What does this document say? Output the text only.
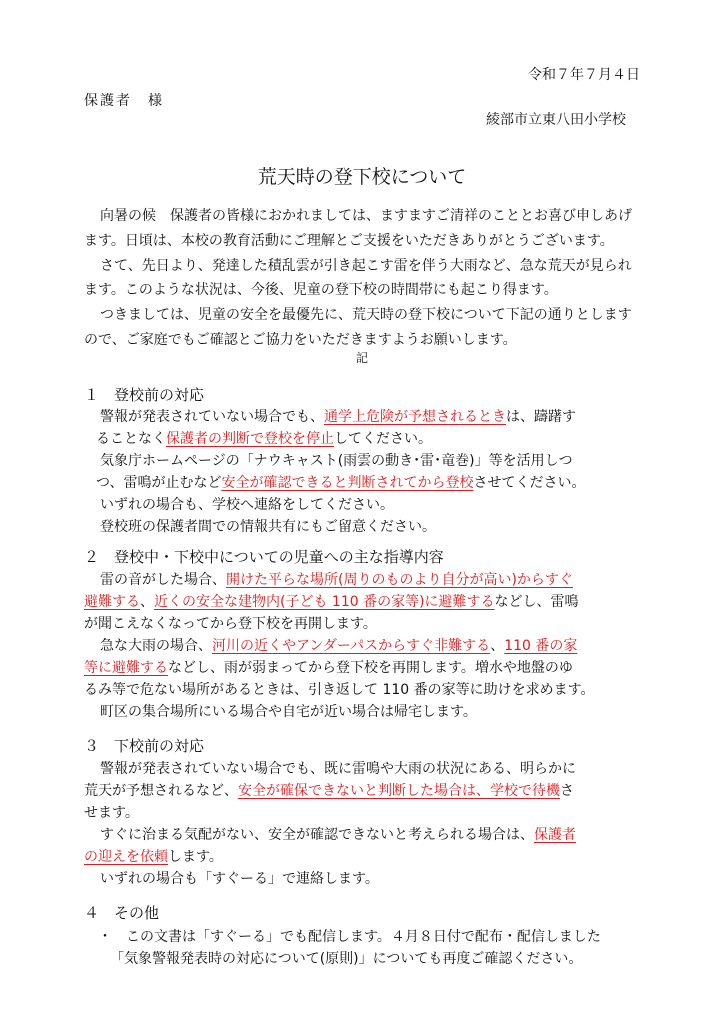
令和７年７月４日
保護者　様
綾部市立東八田小学校
荒天時の登下校について
向暑の候　保護者の皆様におかれましては、ますますご清祥のこととお喜び申しあげ
ます。日頃は、本校の教育活動にご理解とご支援をいただきありがとうございます。
さて、先日より、発達した積乱雲が引き起こす雷を伴う大雨など、急な荒天が見られ
ます。このような状況は、今後、児童の登下校の時間帯にも起こり得ます。
つきましては、児童の安全を最優先に、荒天時の登下校について下記の通りとします
ので、ご家庭でもご確認とご協力をいただきますようお願いします。
記
１ 登校前の対応
警報が発表されていない場合でも、通学上危険が予想されるときは、躊躇す
ることなく保護者の判断で登校を停止してください。
気象庁ホームページの「ナウキャスト(雨雲の動き･雷･竜巻)」等を活用しつ
つ、雷鳴が止むなど安全が確認できると判断されてから登校させてください。
いずれの場合も、学校へ連絡をしてください。
登校班の保護者間での情報共有にもご留意ください。
２ 登校中・下校中についての児童への主な指導内容
雷の音がした場合、開けた平らな場所(周りのものより自分が高い)からすぐ
避難する、近くの安全な建物内(子ども 110 番の家等)に避難するなどし、雷鳴
が聞こえなくなってから登下校を再開します。
急な大雨の場合、河川の近くやアンダーパスからすぐ非難する、110 番の家
等に避難するなどし、雨が弱まってから登下校を再開します。増水や地盤のゆ
るみ等で危ない場所があるときは、引き返して 110 番の家等に助けを求めます。
町区の集合場所にいる場合や自宅が近い場合は帰宅します。
３ 下校前の対応
警報が発表されていない場合でも、既に雷鳴や大雨の状況にある、明らかに
荒天が予想されるなど、安全が確保できないと判断した場合は、学校で待機さ
せます。
すぐに治まる気配がない、安全が確認できないと考えられる場合は、保護者
の迎えを依頼します。
いずれの場合も「すぐーる」で連絡します。
４ その他
・　この文書は「すぐーる」でも配信します。４月８日付で配布・配信しました
「気象警報発表時の対応について(原則)」についても再度ご確認ください。
